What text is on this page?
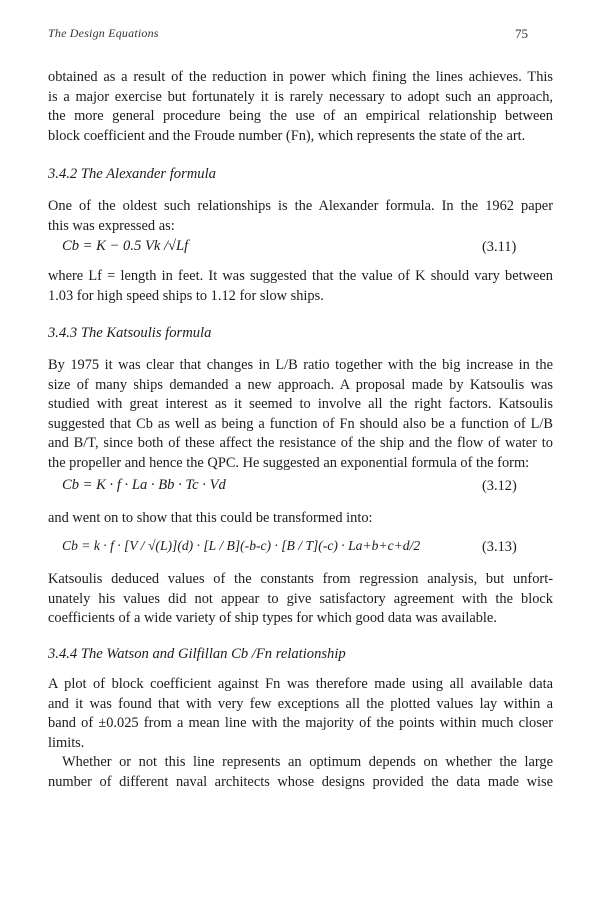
The Design Equations	75
obtained as a result of the reduction in power which fining the lines achieves. This
is a major exercise but fortunately it is rarely necessary to adopt such an approach,
the more general procedure being the use of an empirical relationship between
block coefficient and the Froude number (Fn), which represents the state of the art.
3.4.2 The Alexander formula
One of the oldest such relationships is the Alexander formula. In the 1962 paper
this was expressed as:
Cb = K − 0.5 Vk /√Lf	(3.11)
where Lf = length in feet. It was suggested that the value of K should vary between
1.03 for high speed ships to 1.12 for slow ships.
3.4.3 The Katsoulis formula
By 1975 it was clear that changes in L/B ratio together with the big increase in the
size of many ships demanded a new approach. A proposal made by Katsoulis was
studied with great interest as it seemed to involve all the right factors. Katsoulis
suggested that Cb as well as being a function of Fn should also be a function of L/B
and B/T, since both of these affect the resistance of the ship and the flow of water to
the propeller and hence the QPC. He suggested an exponential formula of the form:
Cb = K · f · La · Bb · Tc · Vd	(3.12)
and went on to show that this could be transformed into:
Cb = k · f · [V / √(L)](d) · [L / B](-b-c) · [B / T](-c) · La+b+c+d/2	(3.13)
Katsoulis deduced values of the constants from regression analysis, but unfort-
unately his values did not appear to give satisfactory agreement with the block
coefficients of a wide variety of ship types for which good data was available.
3.4.4 The Watson and Gilfillan Cb /Fn relationship
A plot of block coefficient against Fn was therefore made using all available data
and it was found that with very few exceptions all the plotted values lay within a
band of ±0.025 from a mean line with the majority of the points within much closer
limits.
Whether or not this line represents an optimum depends on whether the large
number of different naval architects whose designs provided the data made wise
